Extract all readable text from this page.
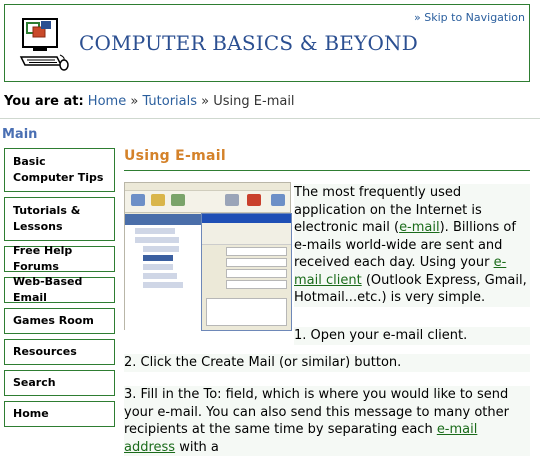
» Skip to Navigation
COMPUTER BASICS & BEYOND
You are at: Home » Tutorials » Using E-mail
Main
Basic Computer Tips
Tutorials & Lessons
Free Help Forums
Web-Based Email
Games Room
Resources
Search
Home
Using E-mail
The most frequently used application on the Internet is electronic mail (e-mail). Billions of e-mails world-wide are sent and received each day. Using your e-mail client (Outlook Express, Gmail, Hotmail...etc.) is very simple.
1. Open your e-mail client.
2. Click the Create Mail (or similar) button.
3. Fill in the To: field, which is where you would like to send your e-mail. You can also send this message to many other recipients at the same time by separating each e-mail address with a
